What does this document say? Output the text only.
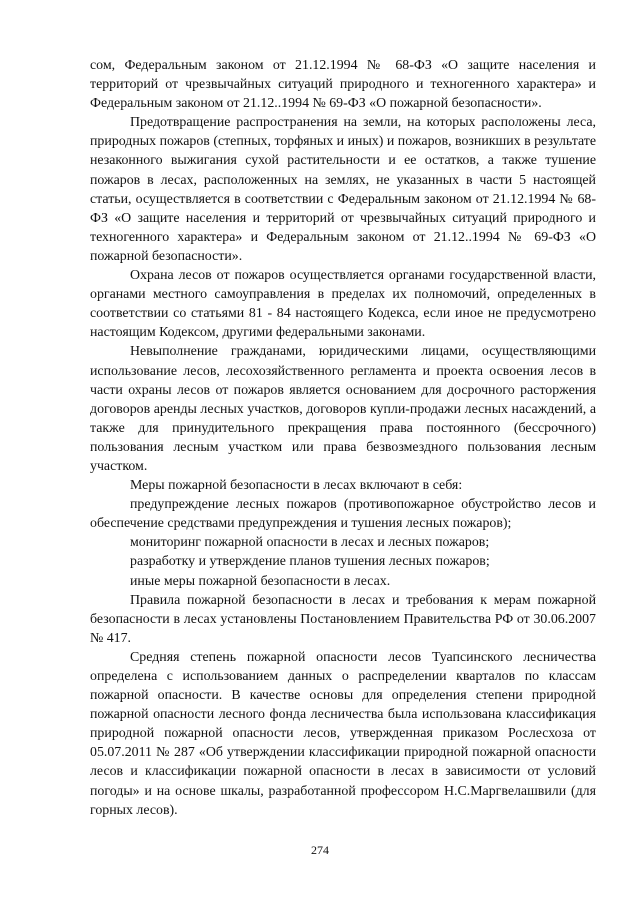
сом, Федеральным законом от 21.12.1994 № 68-ФЗ «О защите населения и территорий от чрезвычайных ситуаций природного и техногенного характера» и Федеральным законом от 21.12..1994 № 69-ФЗ «О пожарной безопасности».

Предотвращение распространения на земли, на которых расположены леса, природных пожаров (степных, торфяных и иных) и пожаров, возникших в результате незаконного выжигания сухой растительности и ее остатков, а также тушение пожаров в лесах, расположенных на землях, не указанных в части 5 настоящей статьи, осуществляется в соответствии с Федеральным законом от 21.12.1994 № 68-ФЗ «О защите населения и территорий от чрезвычайных ситуаций природного и техногенного характера» и Федеральным законом от 21.12..1994 № 69-ФЗ «О пожарной безопасности».

Охрана лесов от пожаров осуществляется органами государственной власти, органами местного самоуправления в пределах их полномочий, определенных в соответствии со статьями 81 - 84 настоящего Кодекса, если иное не предусмотрено настоящим Кодексом, другими федеральными законами.

Невыполнение гражданами, юридическими лицами, осуществляющими использование лесов, лесохозяйственного регламента и проекта освоения лесов в части охраны лесов от пожаров является основанием для досрочного расторжения договоров аренды лесных участков, договоров купли-продажи лесных насаждений, а также для принудительного прекращения права постоянного (бессрочного) пользования лесным участком или права безвозмездного пользования лесным участком.

Меры пожарной безопасности в лесах включают в себя:

предупреждение лесных пожаров (противопожарное обустройство лесов и обеспечение средствами предупреждения и тушения лесных пожаров);

мониторинг пожарной опасности в лесах и лесных пожаров;

разработку и утверждение планов тушения лесных пожаров;

иные меры пожарной безопасности в лесах.

Правила пожарной безопасности в лесах и требования к мерам пожарной безопасности в лесах установлены Постановлением Правительства РФ от 30.06.2007 № 417.

Средняя степень пожарной опасности лесов Туапсинского лесничества определена с использованием данных о распределении кварталов по классам пожарной опасности. В качестве основы для определения степени природной пожарной опасности лесного фонда лесничества была использована классификация природной пожарной опасности лесов, утвержденная приказом Рослесхоза от 05.07.2011 № 287 «Об утверждении классификации природной пожарной опасности лесов и классификации пожарной опасности в лесах в зависимости от условий погоды» и на основе шкалы, разработанной профессором Н.С.Маргвелашвили (для горных лесов).

274
